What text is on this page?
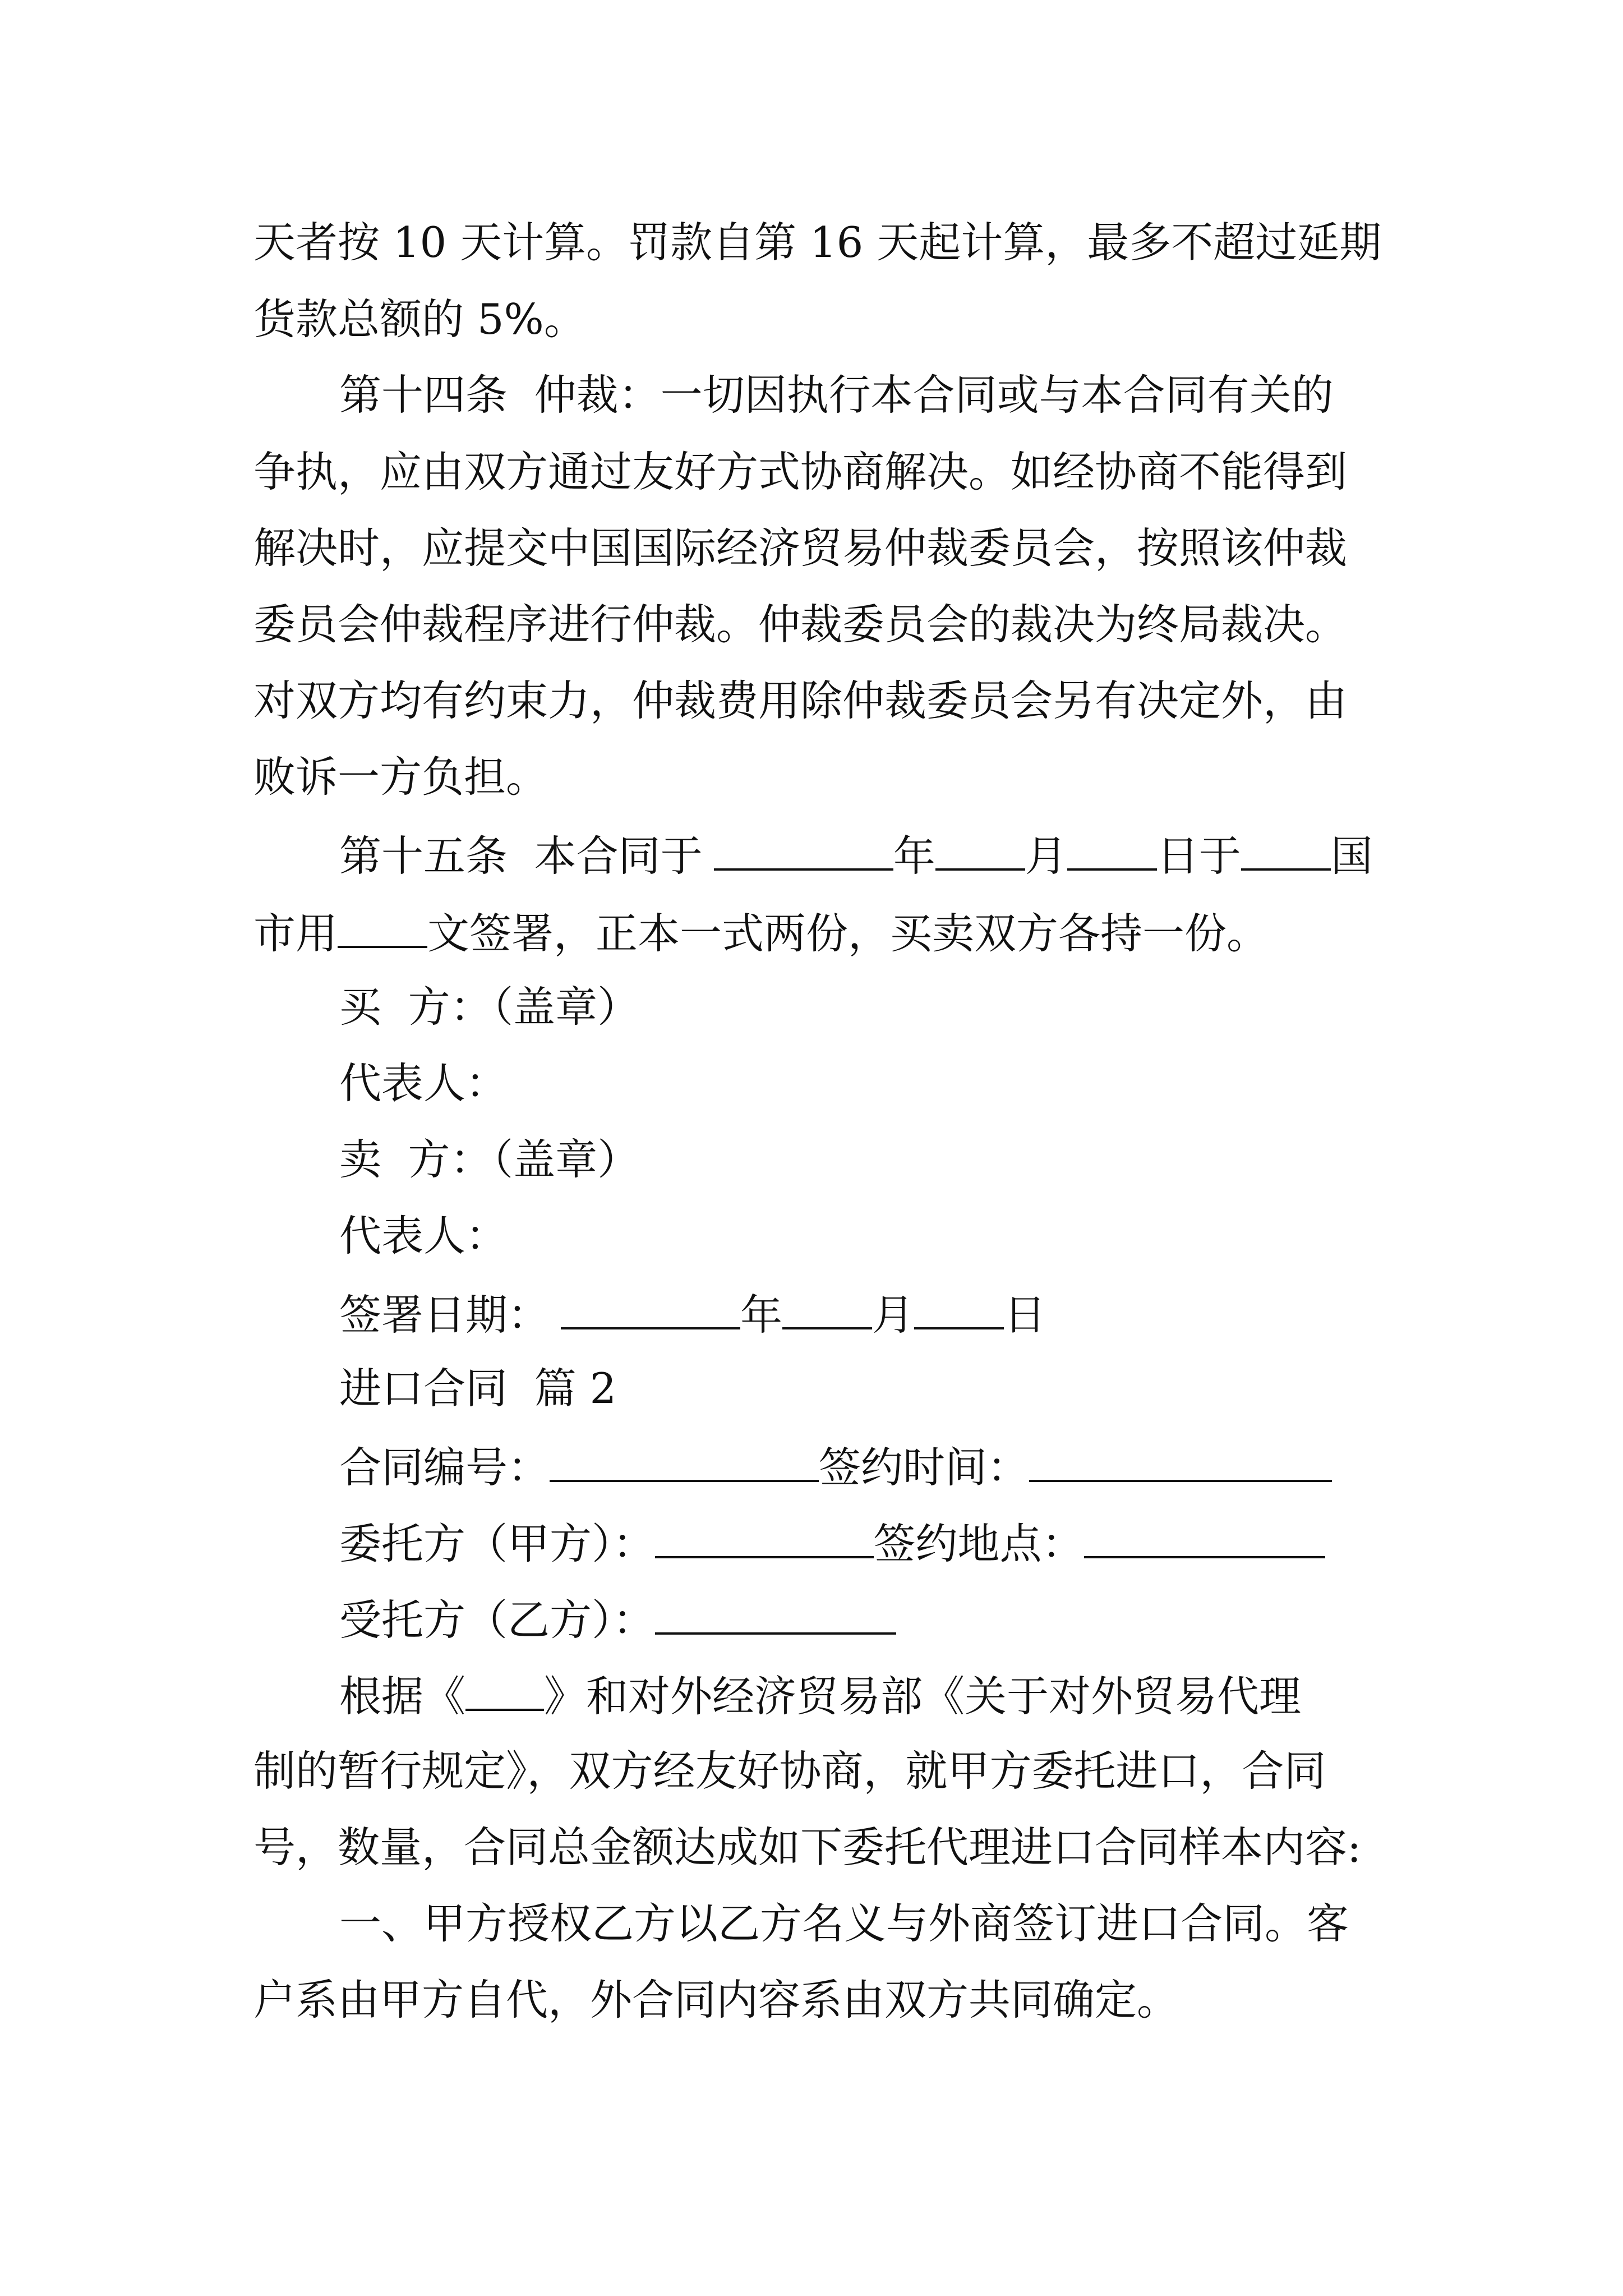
天者按 10 天计算。罚款自第 16 天起计算，最多不超过延期
货款总额的 5%。
第十四条  仲裁：一切因执行本合同或与本合同有关的
争执，应由双方通过友好方式协商解决。如经协商不能得到
解决时，应提交中国国际经济贸易仲裁委员会，按照该仲裁
委员会仲裁程序进行仲裁。仲裁委员会的裁决为终局裁决。
对双方均有约束力，仲裁费用除仲裁委员会另有决定外，由
败诉一方负担。
第十五条  本合同于	年 月 日于 国
市用 文签署，正本一式两份，买卖双方各持一份。
买  方：（盖章）
代表人：
卖  方：（盖章）
代表人：
签署日期：	年 月 日
进口合同  篇 2
合同编号：	签约时间：
委托方（甲方）：	签约地点：
受托方（乙方）：
根据《 》和对外经济贸易部《关于对外贸易代理
制的暂行规定》，双方经友好协商，就甲方委托进口，合同
号，数量，合同总金额达成如下委托代理进口合同样本内容:
一、甲方授权乙方以乙方名义与外商签订进口合同。客
户系由甲方自代，外合同内容系由双方共同确定。
